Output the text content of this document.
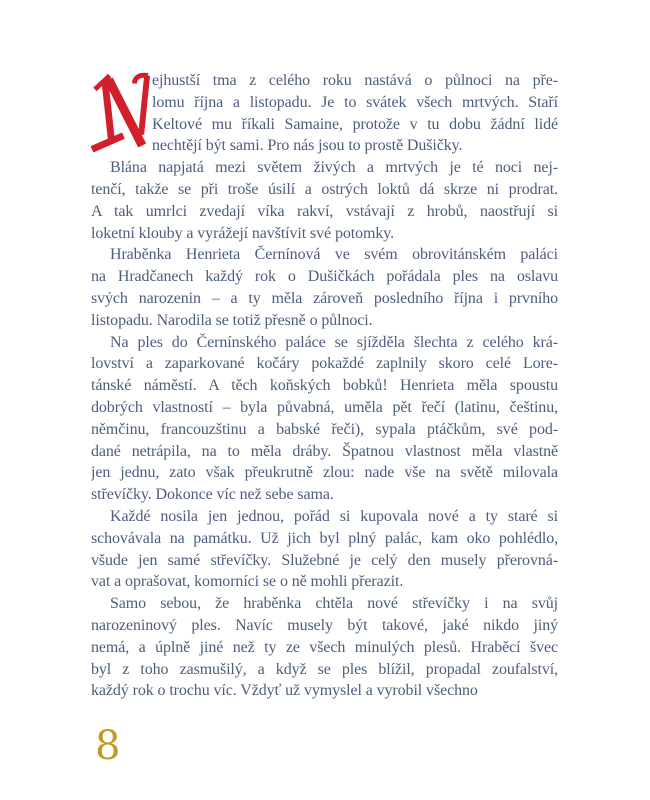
ejhustší tma z celého roku nastává o půlnoci na pře-
lomu října a listopadu. Je to svátek všech mrtvých. Staří
Keltové mu říkali Samaine, protože v tu dobu žádní lidé
nechtějí být sami. Pro nás jsou to prostě Dušičky.
Blána napjatá mezi světem živých a mrtvých je té noci nej-
tenčí, takže se při troše úsilí a ostrých loktů dá skrze ni prodrat.
A tak umrlci zvedají víka rakví, vstávají z hrobů, naostřují si
loketní klouby a vyrážejí navštívit své potomky.
Hraběnka Henrieta Černínová ve svém obrovitánském paláci
na Hradčanech každý rok o Dušičkách pořádala ples na oslavu
svých narozenin – a ty měla zároveň posledního října i prvního
listopadu. Narodila se totiž přesně o půlnoci.
Na ples do Černínského paláce se sjížděla šlechta z celého krá-
lovství a zaparkované kočáry pokaždé zaplnily skoro celé Lore-
tánské náměstí. A těch koňských bobků! Henrieta měla spoustu
dobrých vlastností – byla půvabná, uměla pět řečí (latinu, češtinu,
němčinu, francouzštinu a babské řeči), sypala ptáčkům, své pod-
dané netrápila, na to měla dráby. Špatnou vlastnost měla vlastně
jen jednu, zato však přeukrutně zlou: nade vše na světě milovala
střevíčky. Dokonce víc než sebe sama.
Každé nosila jen jednou, pořád si kupovala nové a ty staré si
schovávala na památku. Už jich byl plný palác, kam oko pohlédlo,
všude jen samé střevíčky. Služebné je celý den musely přerovná-
vat a oprašovat, komorníci se o ně mohli přerazit.
Samo sebou, že hraběnka chtěla nové střevíčky i na svůj
narozeninový ples. Navíc musely být takové, jaké nikdo jiný
nemá, a úplně jiné než ty ze všech minulých plesů. Hraběcí švec
byl z toho zasmušilý, a když se ples blížil, propadal zoufalství,
každý rok o trochu víc. Vždyť už vymyslel a vyrobil všechno
8
